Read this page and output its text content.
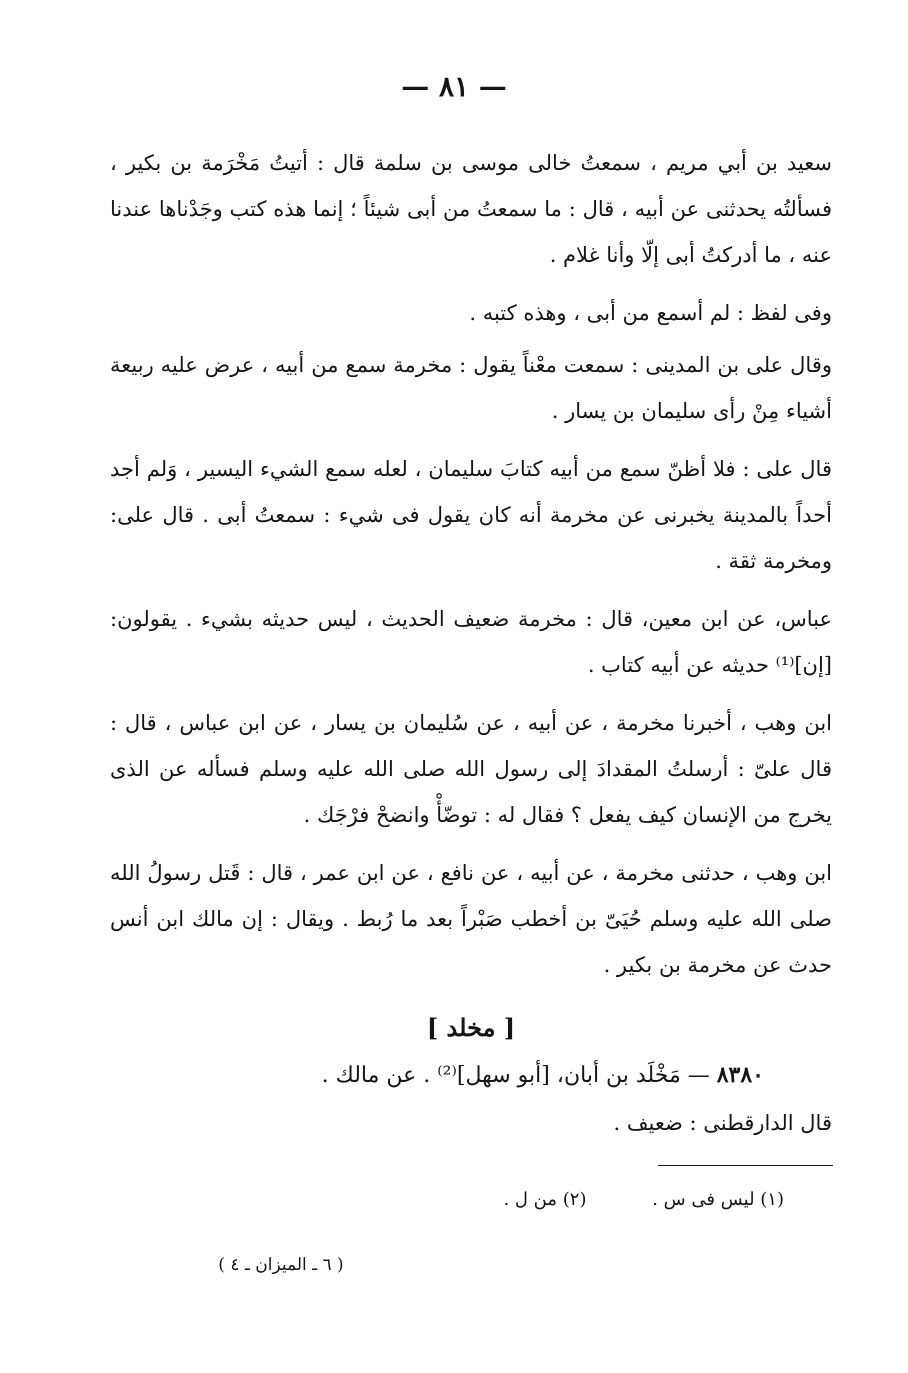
— ٨١ —

سعيد بن أبي مريم ، سمعتُ خالى موسى بن سلمة قال : أتيتُ مَخْرَمة بن بكير ، فسألتُه يحدثنى عن أبيه ، قال : ما سمعتُ من أبى شيئاً ؛ إنما هذه كتب وجَدْناها عندنا عنه ، ما أدركتُ أبى إلّا وأنا غلام .

وفى لفظ : لم أسمع من أبى ، وهذه كتبه .

وقال على بن المدينى : سمعت معْناً يقول : مخرمة سمع من أبيه ، عرض عليه ربيعة أشياء مِنْ رأى سليمان بن يسار .

قال على : فلا أظنّ سمع من أبيه كتابَ سليمان ، لعله سمع الشيء اليسير ، وَلم أجد أحداً بالمدينة يخبرنى عن مخرمة أنه كان يقول فى شيء : سمعتُ أبى . قال على: ومخرمة ثقة .

عباس، عن ابن معين، قال : مخرمة ضعيف الحديث ، ليس حديثه بشيء . يقولون: [إن]⁽¹⁾ حديثه عن أبيه كتاب .

ابن وهب ، أخبرنا مخرمة ، عن أبيه ، عن سُليمان بن يسار ، عن ابن عباس ، قال : قال علىّ : أرسلتُ المقدادَ إلى رسول الله صلى الله عليه وسلم فسأله عن الذى يخرج من الإنسان كيف يفعل ؟ فقال له : توضّأْ وانضحْ فرْجَك .

ابن وهب ، حدثنى مخرمة ، عن أبيه ، عن نافع ، عن ابن عمر ، قال : قَتل رسولُ الله صلى الله عليه وسلم حُيَىّ بن أخطب صَبْراً بعد ما رُبط . ويقال : إن مالك ابن أنس حدث عن مخرمة بن بكير .

[ مخلد ]
٨٣٨٠ — مَخْلَد بن أبان، [أبو سهل]⁽²⁾ . عن مالك .
قال الدارقطنى : ضعيف .
(١) ليس فى س . (٢) من ل .
( ٦ ـ الميزان ـ ٤ )
